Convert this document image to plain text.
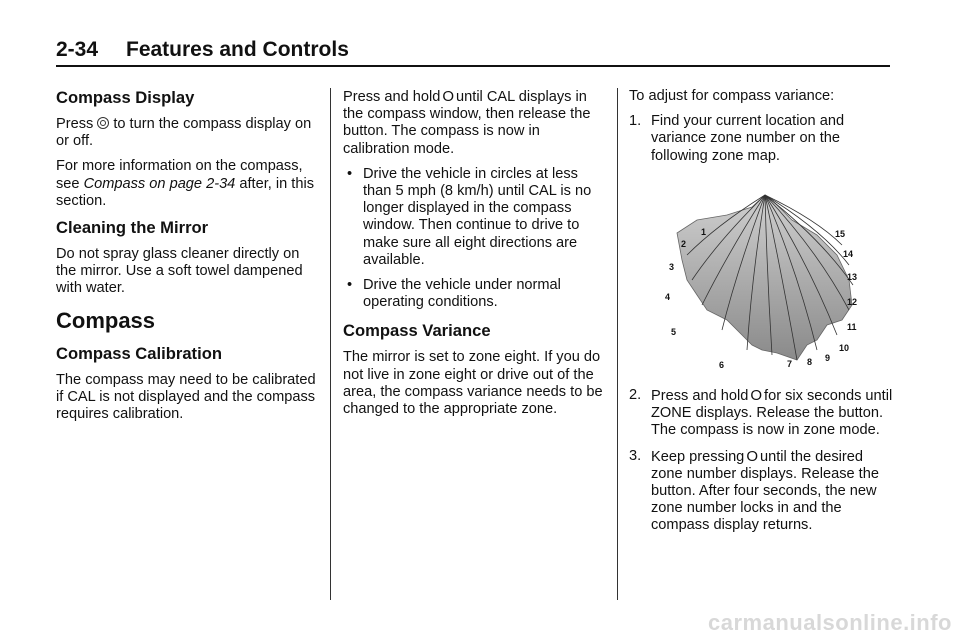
2-34 Features and Controls
Compass Display

Press to turn the compass display on or off.

For more information on the compass, see Compass on page 2-34 after, in this section.

Cleaning the Mirror

Do not spray glass cleaner directly on the mirror. Use a soft towel dampened with water.

Compass
Compass Calibration

The compass may need to be calibrated if CAL is not displayed and the compass requires calibration.

Press and hold O until CAL displays in the compass window, then release the button. The compass is now in calibration mode.

• Drive the vehicle in circles at less than 5 mph (8 km/h) until CAL is no longer displayed in the compass window. Then continue to drive to make sure all eight directions are available.
• Drive the vehicle under normal operating conditions.
Compass Variance

The mirror is set to zone eight. If you do not live in zone eight or drive out of the area, the compass variance needs to be changed to the appropriate zone.

To adjust for compass variance:

1. Find your current location and variance zone number on the following zone map.
1
2
3
4
5
6	7 8 9
10
11
12
13
14
15
2. Press and hold O for six seconds until ZONE displays. Release the button. The compass is now in zone mode.
3. Keep pressing O until the desired zone number displays. Release the button. After four seconds, the new zone number locks in and the compass display returns.
carmanualsonline.info
